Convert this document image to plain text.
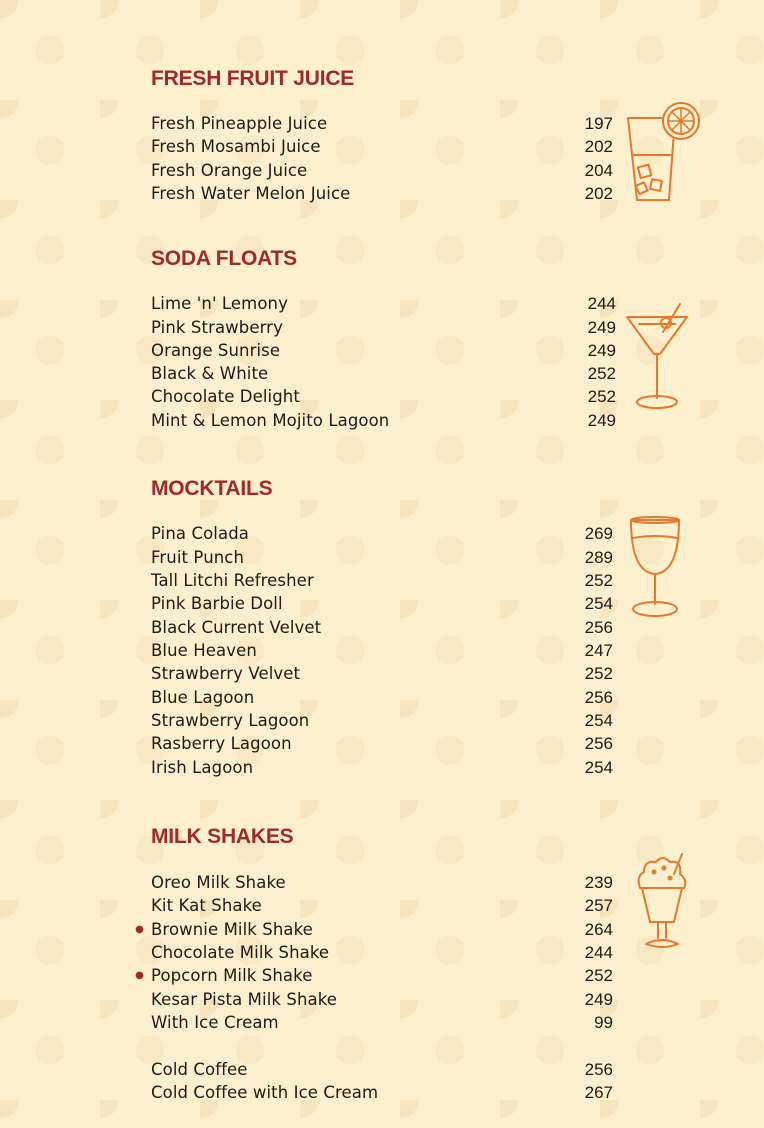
FRESH FRUIT JUICE
Fresh Pineapple Juice	197
Fresh Mosambi Juice	202
Fresh Orange Juice	204
Fresh Water Melon Juice	202
SODA FLOATS
Lime 'n' Lemony	244
Pink Strawberry	249
Orange Sunrise	249
Black & White	252
Chocolate Delight	252
Mint & Lemon Mojito Lagoon	249
MOCKTAILS
Pina Colada	269
Fruit Punch	289
Tall Litchi Refresher	252
Pink Barbie Doll	254
Black Current Velvet	256
Blue Heaven	247
Strawberry Velvet	252
Blue Lagoon	256
Strawberry Lagoon	254
Rasberry Lagoon	256
Irish Lagoon	254
MILK SHAKES
Oreo Milk Shake	239
Kit Kat Shake	257
● Brownie Milk Shake	264
Chocolate Milk Shake	244
● Popcorn Milk Shake	252
Kesar Pista Milk Shake	249
With Ice Cream	99
Cold Coffee	256
Cold Coffee with Ice Cream	267
